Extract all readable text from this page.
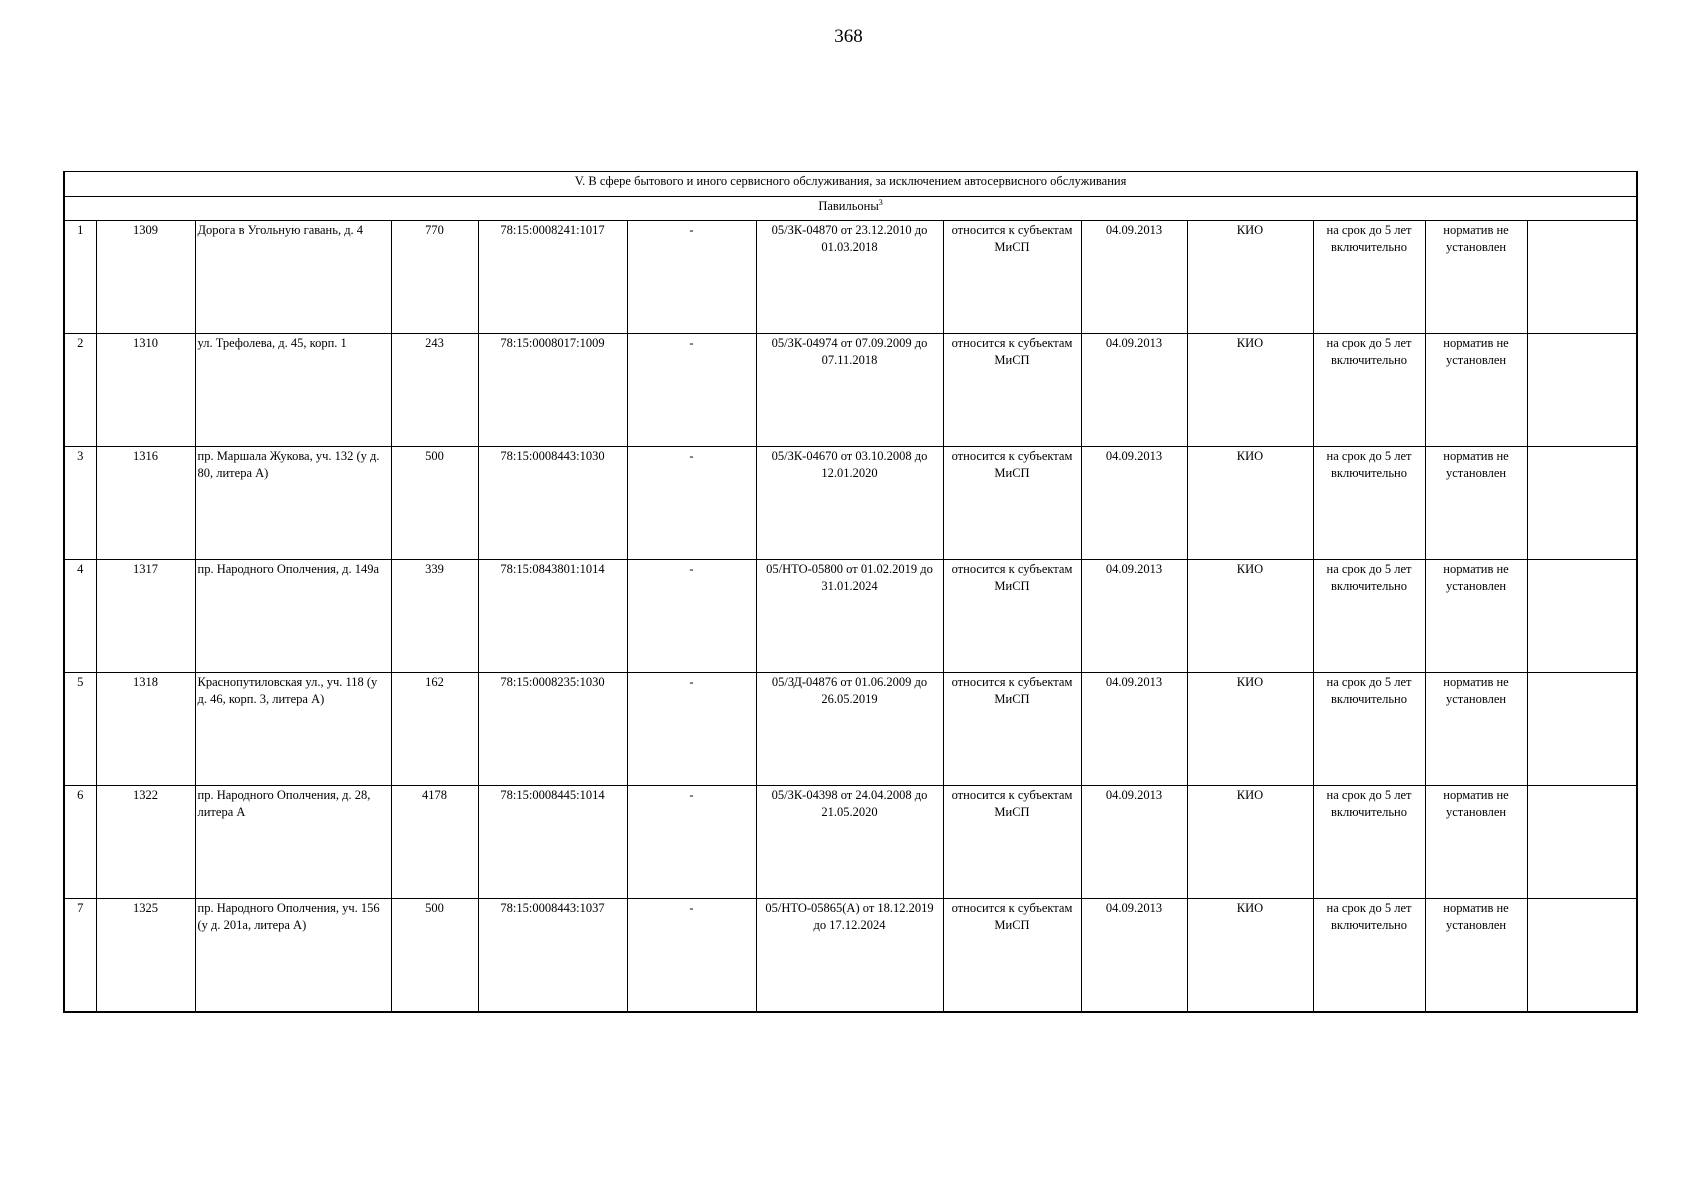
368
V. В сфере бытового и иного сервисного обслуживания, за исключением автосервисного обслуживания												
Павильоны$^3$
1	1309	Дорога в Угольную гавань, д. 4	770	78:15:0008241:1017	-	05/ЗК-04870 от 23.12.2010 до 01.03.2018	относится к субъектам МиСП	04.09.2013	КИО	на срок до 5 лет включительно	норматив не установлен	
2	1310	ул. Трефолева, д. 45, корп. 1	243	78:15:0008017:1009	-	05/ЗК-04974 от 07.09.2009 до 07.11.2018	относится к субъектам МиСП	04.09.2013	КИО	на срок до 5 лет включительно	норматив не установлен	
3	1316	пр. Маршала Жукова, уч. 132 (у д. 80, литера А)	500	78:15:0008443:1030	-	05/ЗК-04670 от 03.10.2008 до 12.01.2020	относится к субъектам МиСП	04.09.2013	КИО	на срок до 5 лет включительно	норматив не установлен	
4	1317	пр. Народного Ополчения, д. 149а	339	78:15:0843801:1014	-	05/НТО-05800 от 01.02.2019 до 31.01.2024	относится к субъектам МиСП	04.09.2013	КИО	на срок до 5 лет включительно	норматив не установлен	
5	1318	Краснопутиловская ул., уч. 118 (у д. 46, корп. 3, литера А)	162	78:15:0008235:1030	-	05/ЗД-04876 от 01.06.2009 до 26.05.2019	относится к субъектам МиСП	04.09.2013	КИО	на срок до 5 лет включительно	норматив не установлен	
6	1322	пр. Народного Ополчения, д. 28, литера А	4178	78:15:0008445:1014	-	05/ЗК-04398 от 24.04.2008 до 21.05.2020	относится к субъектам МиСП	04.09.2013	КИО	на срок до 5 лет включительно	норматив не установлен	
7	1325	пр. Народного Ополчения, уч. 156 (у д. 201а, литера А)	500	78:15:0008443:1037	-	05/НТО-05865(А) от 18.12.2019 до 17.12.2024	относится к субъектам МиСП	04.09.2013	КИО	на срок до 5 лет включительно	норматив не установлен	
